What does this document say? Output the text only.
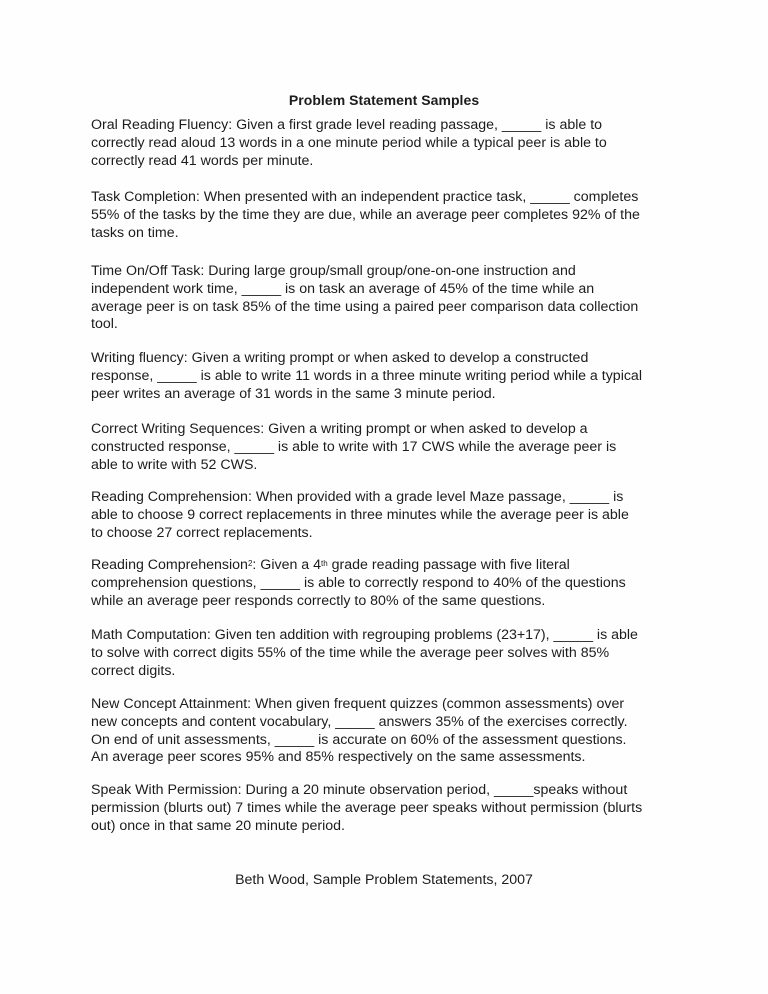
Problem Statement Samples
Oral Reading Fluency: Given a first grade level reading passage, _____ is able to
correctly read aloud 13 words in a one minute period while a typical peer is able to
correctly read 41 words per minute.
Task Completion: When presented with an independent practice task, _____ completes
55% of the tasks by the time they are due, while an average peer completes 92% of the
tasks on time.
Time On/Off Task: During large group/small group/one-on-one instruction and
independent work time, _____ is on task an average of 45% of the time while an
average peer is on task 85% of the time using a paired peer comparison data collection
tool.
Writing fluency: Given a writing prompt or when asked to develop a constructed
response, _____ is able to write 11 words in a three minute writing period while a typical
peer writes an average of 31 words in the same 3 minute period.
Correct Writing Sequences: Given a writing prompt or when asked to develop a
constructed response, _____ is able to write with 17 CWS while the average peer is
able to write with 52 CWS.
Reading Comprehension: When provided with a grade level Maze passage, _____ is
able to choose 9 correct replacements in three minutes while the average peer is able
to choose 27 correct replacements.
Reading Comprehension$^2$: Given a 4th grade reading passage with five literal
comprehension questions, _____ is able to correctly respond to 40% of the questions
while an average peer responds correctly to 80% of the same questions.
Math Computation: Given ten addition with regrouping problems (23+17), _____ is able
to solve with correct digits 55% of the time while the average peer solves with 85%
correct digits.
New Concept Attainment: When given frequent quizzes (common assessments) over
new concepts and content vocabulary, _____ answers 35% of the exercises correctly.
On end of unit assessments, _____ is accurate on 60% of the assessment questions.
An average peer scores 95% and 85% respectively on the same assessments.
Speak With Permission: During a 20 minute observation period, _____speaks without
permission (blurts out) 7 times while the average peer speaks without permission (blurts
out) once in that same 20 minute period.
Beth Wood, Sample Problem Statements, 2007
